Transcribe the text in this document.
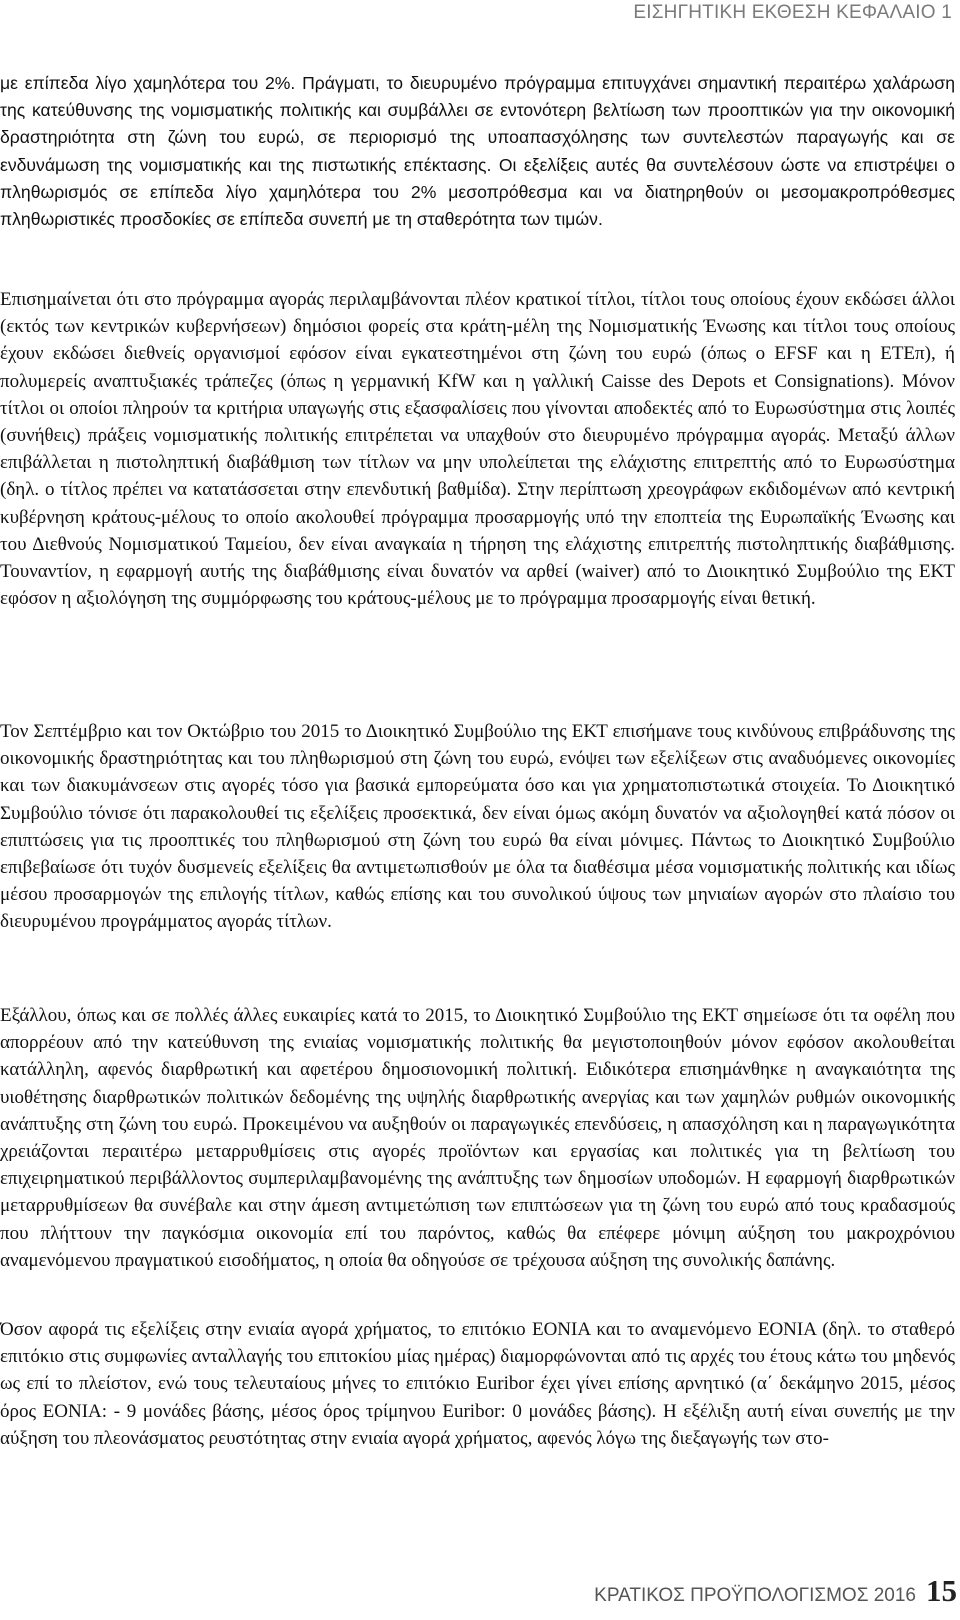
ΕΙΣΗΓΗΤΙΚΗ ΕΚΘΕΣΗ ΚΕΦΑΛΑΙΟ 1

με επίπεδα λίγο χαμηλότερα του 2%. Πράγματι, το διευρυμένο πρόγραμμα επιτυγχάνει σημαντική περαιτέρω χαλάρωση της κατεύθυνσης της νομισματικής πολιτικής και συμβάλλει σε εντονότερη βελτίωση των προοπτικών για την οικονομική δραστηριότητα στη ζώνη του ευρώ, σε περιορισμό της υποαπασχόλησης των συντελεστών παραγωγής και σε ενδυνάμωση της νομισματικής και της πιστωτικής επέκτασης. Οι εξελίξεις αυτές θα συντελέσουν ώστε να επιστρέψει ο πληθωρισμός σε επίπεδα λίγο χαμηλότερα του 2% μεσοπρόθεσμα και να διατηρηθούν οι μεσομακροπρόθεσμες πληθωριστικές προσδοκίες σε επίπεδα συνεπή με τη σταθερότητα των τιμών.

Επισημαίνεται ότι στο πρόγραμμα αγοράς περιλαμβάνονται πλέον κρατικοί τίτλοι, τίτλοι τους οποίους έχουν εκδώσει άλλοι (εκτός των κεντρικών κυβερνήσεων) δημόσιοι φορείς στα κράτη-μέλη της Νομισματικής Ένωσης και τίτλοι τους οποίους έχουν εκδώσει διεθνείς οργανισμοί εφόσον είναι εγκατεστημένοι στη ζώνη του ευρώ (όπως ο EFSF και η ΕΤΕπ), ή πολυμερείς αναπτυξιακές τράπεζες (όπως η γερμανική KfW και η γαλλική Caisse des Depots et Consignations). Μόνον τίτλοι οι οποίοι πληρούν τα κριτήρια υπαγωγής στις εξασφαλίσεις που γίνονται αποδεκτές από το Ευρωσύστημα στις λοιπές (συνήθεις) πράξεις νομισματικής πολιτικής επιτρέπεται να υπαχθούν στο διευρυμένο πρόγραμμα αγοράς. Μεταξύ άλλων επιβάλλεται η πιστοληπτική διαβάθμιση των τίτλων να μην υπολείπεται της ελάχιστης επιτρεπτής από το Ευρωσύστημα (δηλ. ο τίτλος πρέπει να κατατάσσεται στην επενδυτική βαθμίδα). Στην περίπτωση χρεογράφων εκδιδομένων από κεντρική κυβέρνηση κράτους-μέλους το οποίο ακολουθεί πρόγραμμα προσαρμογής υπό την εποπτεία της Ευρωπαϊκής Ένωσης και του Διεθνούς Νομισματικού Ταμείου, δεν είναι αναγκαία η τήρηση της ελάχιστης επιτρεπτής πιστοληπτικής διαβάθμισης. Τουναντίον, η εφαρμογή αυτής της διαβάθμισης είναι δυνατόν να αρθεί (waiver) από το Διοικητικό Συμβούλιο της ΕΚΤ εφόσον η αξιολόγηση της συμμόρφωσης του κράτους-μέλους με το πρόγραμμα προσαρμογής είναι θετική.

Τον Σεπτέμβριο και τον Οκτώβριο του 2015 το Διοικητικό Συμβούλιο της ΕΚΤ επισήμανε τους κινδύνους επιβράδυνσης της οικονομικής δραστηριότητας και του πληθωρισμού στη ζώνη του ευρώ, ενόψει των εξελίξεων στις αναδυόμενες οικονομίες και των διακυμάνσεων στις αγορές τόσο για βασικά εμπορεύματα όσο και για χρηματοπιστωτικά στοιχεία. Το Διοικητικό Συμβούλιο τόνισε ότι παρακολουθεί τις εξελίξεις προσεκτικά, δεν είναι όμως ακόμη δυνατόν να αξιολογηθεί κατά πόσον οι επιπτώσεις για τις προοπτικές του πληθωρισμού στη ζώνη του ευρώ θα είναι μόνιμες. Πάντως το Διοικητικό Συμβούλιο επιβεβαίωσε ότι τυχόν δυσμενείς εξελίξεις θα αντιμετωπισθούν με όλα τα διαθέσιμα μέσα νομισματικής πολιτικής και ιδίως μέσου προσαρμογών της επιλογής τίτλων, καθώς επίσης και του συνολικού ύψους των μηνιαίων αγορών στο πλαίσιο του διευρυμένου προγράμματος αγοράς τίτλων.

Εξάλλου, όπως και σε πολλές άλλες ευκαιρίες κατά το 2015, το Διοικητικό Συμβούλιο της ΕΚΤ σημείωσε ότι τα οφέλη που απορρέουν από την κατεύθυνση της ενιαίας νομισματικής πολιτικής θα μεγιστοποιηθούν μόνον εφόσον ακολουθείται κατάλληλη, αφενός διαρθρωτική και αφετέρου δημοσιονομική πολιτική. Ειδικότερα επισημάνθηκε η αναγκαιότητα της υιοθέτησης διαρθρωτικών πολιτικών δεδομένης της υψηλής διαρθρωτικής ανεργίας και των χαμηλών ρυθμών οικονομικής ανάπτυξης στη ζώνη του ευρώ. Προκειμένου να αυξηθούν οι παραγωγικές επενδύσεις, η απασχόληση και η παραγωγικότητα χρειάζονται περαιτέρω μεταρρυθμίσεις στις αγορές προϊόντων και εργασίας και πολιτικές για τη βελτίωση του επιχειρηματικού περιβάλλοντος συμπεριλαμβανομένης της ανάπτυξης των δημοσίων υποδομών. Η εφαρμογή διαρθρωτικών μεταρρυθμίσεων θα συνέβαλε και στην άμεση αντιμετώπιση των επιπτώσεων για τη ζώνη του ευρώ από τους κραδασμούς που πλήττουν την παγκόσμια οικονομία επί του παρόντος, καθώς θα επέφερε μόνιμη αύξηση του μακροχρόνιου αναμενόμενου πραγματικού εισοδήματος, η οποία θα οδηγούσε σε τρέχουσα αύξηση της συνολικής δαπάνης.

Όσον αφορά τις εξελίξεις στην ενιαία αγορά χρήματος, το επιτόκιο EONIA και το αναμενόμενο EONIA (δηλ. το σταθερό επιτόκιο στις συμφωνίες ανταλλαγής του επιτοκίου μίας ημέρας) διαμορφώνονται από τις αρχές του έτους κάτω του μηδενός ως επί το πλείστον, ενώ τους τελευταίους μήνες το επιτόκιο Euribor έχει γίνει επίσης αρνητικό (α΄ δεκάμηνο 2015, μέσος όρος EONIA: - 9 μονάδες βάσης, μέσος όρος τρίμηνου Euribor: 0 μονάδες βάσης). Η εξέλιξη αυτή είναι συνεπής με την αύξηση του πλεονάσματος ρευστότητας στην ενιαία αγορά χρήματος, αφενός λόγω της διεξαγωγής των στο-

ΚΡΑΤΙΚΟΣ ΠΡΟΫΠΟΛΟΓΙΣΜΟΣ 2016 15
